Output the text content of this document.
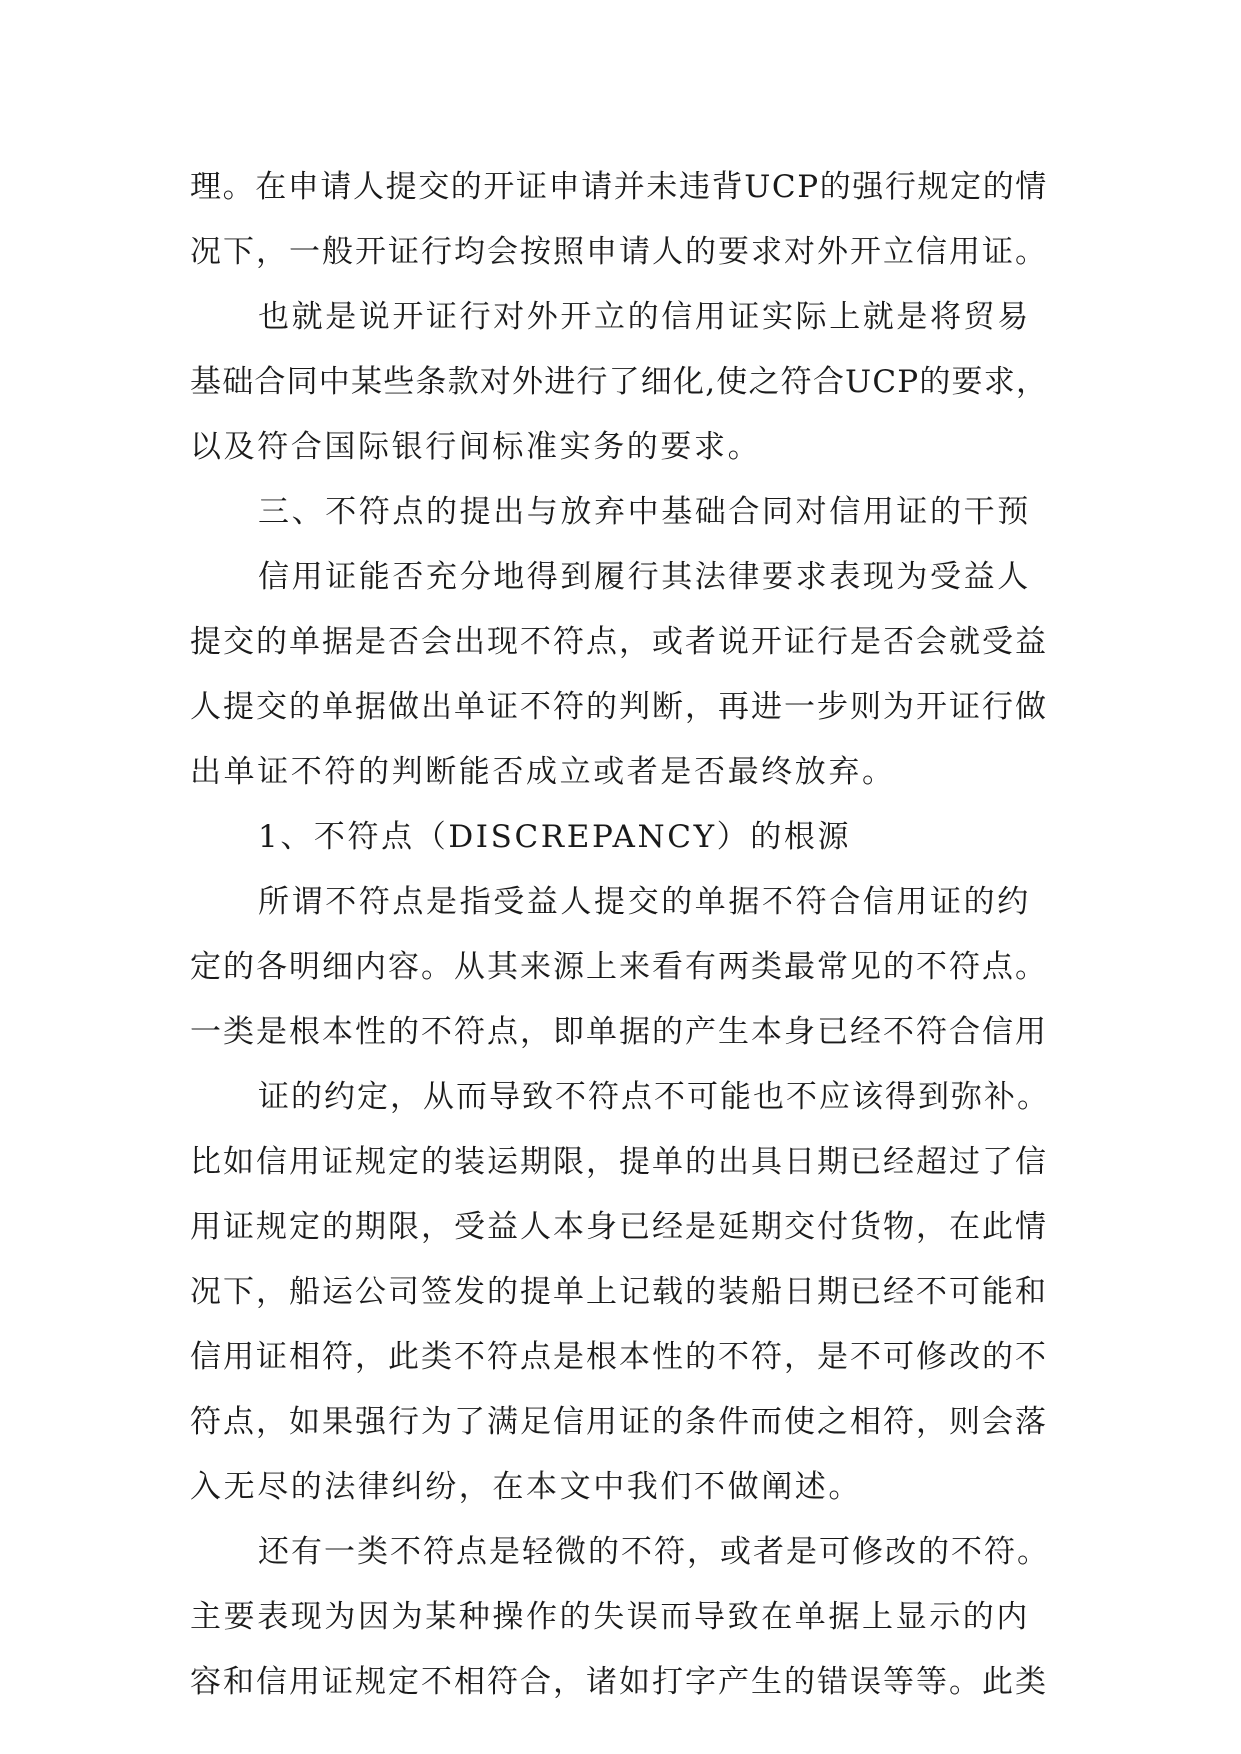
理。在申请人提交的开证申请并未违背UCP的强行规定的情
况下，一般开证行均会按照申请人的要求对外开立信用证。
也就是说开证行对外开立的信用证实际上就是将贸易
基础合同中某些条款对外进行了细化,使之符合UCP的要求，
以及符合国际银行间标准实务的要求。
三、不符点的提出与放弃中基础合同对信用证的干预
信用证能否充分地得到履行其法律要求表现为受益人
提交的单据是否会出现不符点，或者说开证行是否会就受益
人提交的单据做出单证不符的判断，再进一步则为开证行做
出单证不符的判断能否成立或者是否最终放弃。
1、不符点（DISCREPANCY）的根源
所谓不符点是指受益人提交的单据不符合信用证的约
定的各明细内容。从其来源上来看有两类最常见的不符点。
一类是根本性的不符点，即单据的产生本身已经不符合信用
证的约定，从而导致不符点不可能也不应该得到弥补。
比如信用证规定的装运期限，提单的出具日期已经超过了信
用证规定的期限，受益人本身已经是延期交付货物，在此情
况下，船运公司签发的提单上记载的装船日期已经不可能和
信用证相符，此类不符点是根本性的不符，是不可修改的不
符点，如果强行为了满足信用证的条件而使之相符，则会落
入无尽的法律纠纷，在本文中我们不做阐述。
还有一类不符点是轻微的不符，或者是可修改的不符。
主要表现为因为某种操作的失误而导致在单据上显示的内
容和信用证规定不相符合，诸如打字产生的错误等等。此类
